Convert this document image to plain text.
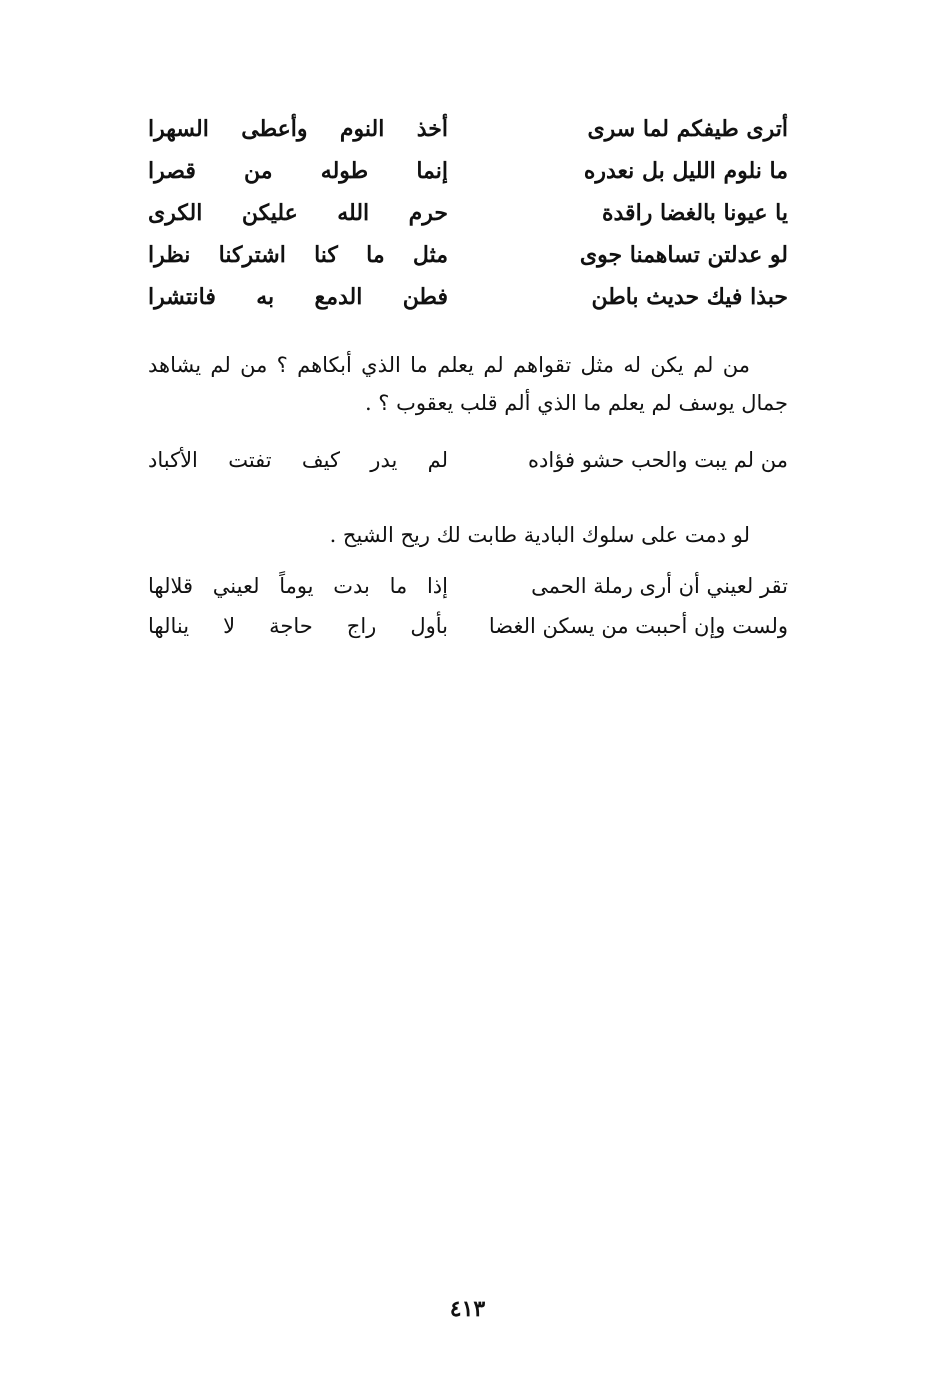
أترى طيفكم لما سرى
أخذ النوم وأعطى السهرا
ما نلوم الليل بل نعدره
إنما طوله من قصرا
يا عيونا بالغضا راقدة
حرم الله عليكن الكرى
لو عدلتن تساهمنا جوى
مثل ما كنا اشتركنا نظرا
حبذا فيك حديث باطن
فطن الدمع به فانتشرا
من لم يكن له مثل تقواهم لم يعلم ما الذي أبكاهم ؟ من لم يشاهد
جمال يوسف لم يعلم ما الذي ألم قلب يعقوب ؟ .
من لم يبت والحب حشو فؤاده
لم يدر كيف تفتت الأكباد
لو دمت على سلوك البادية طابت لك ريح الشيح .
تقر لعيني أن أرى رملة الحمى
إذا ما بدت يوماً لعيني قلالها
ولست وإن أحببت من يسكن الغضا
بأول راج حاجة لا ينالها
٤١٣
